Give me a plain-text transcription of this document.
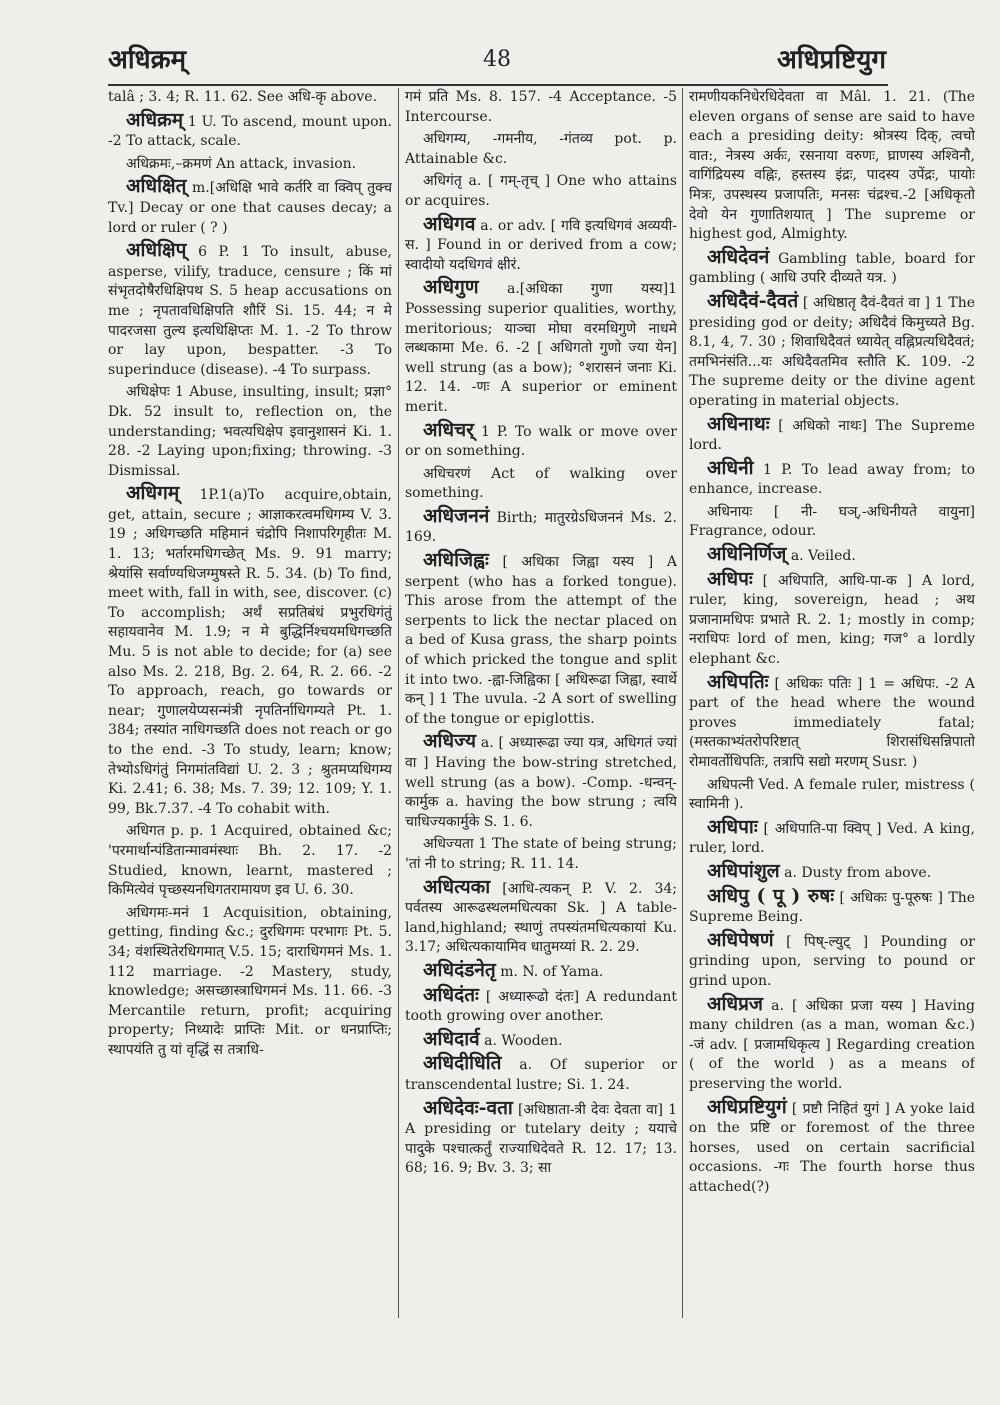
अधिक्रम्	48	अधिप्रष्टियुग

talâ ; 3. 4; R. 11. 62. See अधि-कृ above.

अधिक्रम् 1 U. To ascend, mount upon. -2 To attack, scale.

अधिक्रमः,–क्रमणं An attack, invasion.

अधिक्षित् m.[अधिक्षि भावे कर्तरि वा क्विप् तुक्च Tv.] Decay or one that causes decay; a lord or ruler ( ? )

अधिक्षिप् 6 P. 1 To insult, abuse, asperse, vilify, traduce, censure ; किं मां संभृतदोषैरधिक्षिपथ S. 5 heap accusations on me ; नृपतावधिक्षिपति शौरिं Si. 15. 44; न मे पादरजसा तुल्य इत्यधिक्षिप्तः M. 1. -2 To throw or lay upon, bespatter. -3 To superinduce (disease). -4 To surpass.

अधिक्षेपः 1 Abuse, insulting, insult; प्रज्ञा° Dk. 52 insult to, reflection on, the understanding; भवत्यधिक्षेप इवानुशासनं Ki. 1. 28. -2 Laying upon;fixing; throwing. -3 Dismissal.

अधिगम् 1P.1(a)To acquire,obtain, get, attain, secure ; आज्ञाकरत्वमधिगम्य V. 3. 19 ; अधिगच्छति महिमानं चंद्रोपि निशापरिगृहीतः M. 1. 13; भर्तारमधिगच्छेत् Ms. 9. 91 marry; श्रेयांसि सर्वाण्यधिजग्मुषस्ते R. 5. 34. (b) To find, meet with, fall in with, see, discover. (c) To accomplish; अर्थं सप्रतिबंधं प्रभुरधिगंतुं सहायवानेव M. 1.9; न मे बुद्धिर्निश्चयमधिगच्छति Mu. 5 is not able to decide; for (a) see also Ms. 2. 218, Bg. 2. 64, R. 2. 66. -2 To approach, reach, go towards or near; गुणालयेप्यसन्मंत्री नृपतिर्नाधिगम्यते Pt. 1. 384; तस्यांत नाधिगच्छति does not reach or go to the end. -3 To study, learn; know; तेभ्योऽधिगंतुं निगमांतविद्यां U. 2. 3 ; श्रुतमप्यधिगम्य Ki. 2.41; 6. 38; Ms. 7. 39; 12. 109; Y. 1. 99, Bk.7.37. -4 To cohabit with.

अधिगत p. p. 1 Acquired, obtained &c; 'परमार्थान्पंडितान्मावमंस्थाः Bh. 2. 17. -2 Studied, known, learnt, mastered ; किमित्येवं पृच्छस्यनधिगतरामायण इव U. 6. 30.

अधिगमः-मनं 1 Acquisition, obtaining, getting, finding &c.; दुरधिगमः परभागः Pt. 5. 34; वंशस्थितेरधिगमात् V.5. 15; दाराधिगमनं Ms. 1. 112 marriage. -2 Mastery, study, knowledge; असच्छास्त्राधिगमनं Ms. 11. 66. -3 Mercantile return, profit; acquiring property; निध्यादेः प्राप्तिः Mit. or धनप्राप्तिः; स्थापयंति तु यां वृद्धिं स तत्राधि-

गमं प्रति Ms. 8. 157. -4 Acceptance. -5 Intercourse.

अधिगम्य, -गमनीय, -गंतव्य pot. p. Attainable &c.

अधिगंतृ a. [ गम्-तृच् ] One who attains or acquires.

अधिगव a. or adv. [ गवि इत्यधिगवं अव्ययी-स. ] Found in or derived from a cow; स्वादीयो यदधिगवं क्षीरं.

अधिगुण a.[अधिका गुणा यस्य]1 Possessing superior qualities, worthy, meritorious; याञ्चा मोघा वरमधिगुणे नाधमे लब्धकामा Me. 6. -2 [ अधिगतो गुणो ज्या येन] well strung (as a bow); °शरासनं जनाः Ki. 12. 14. -णः A superior or eminent merit.

अधिचर् 1 P. To walk or move over or on something.

अधिचरणं Act of walking over something.

अधिजननं Birth; मातुरग्रेऽधिजननं Ms. 2. 169.

अधिजिह्वः [ अधिका जिह्वा यस्य ] A serpent (who has a forked tongue). This arose from the attempt of the serpents to lick the nectar placed on a bed of Kusa grass, the sharp points of which pricked the tongue and split it into two. -ह्वा-जिह्विका [ अधिरूढा जिह्वा, स्वार्थे कन् ] 1 The uvula. -2 A sort of swelling of the tongue or epiglottis.

अधिज्य a. [ अध्यारूढा ज्या यत्र, अधिगतं ज्यां वा ] Having the bow-string stretched, well strung (as a bow). -Comp. -धन्वन्-कार्मुक a. having the bow strung ; त्वयि चाधिज्यकार्मुके S. 1. 6.

अधिज्यता 1 The state of being strung; 'तां नी to string; R. 11. 14.

अधित्यका [आधि-त्यकन् P. V. 2. 34; पर्वतस्य आरूढस्थलमधित्यका Sk. ] A table-land,highland; स्थाणुं तपस्यंतमधित्यकायां Ku. 3.17; अधित्यकायामिव धातुमय्यां R. 2. 29.

अधिदंडनेतृ m. N. of Yama.

अधिदंतः [ अध्यारूढो दंतः] A redundant tooth growing over another.

अधिदार्व a. Wooden.

अधिदीधिति a. Of superior or transcendental lustre; Si. 1. 24.

अधिदेवः-वता [अधिष्ठाता-त्री देवः देवता वा] 1 A presiding or tutelary deity ; ययाचे पादुके पश्चात्कर्तुं राज्याधिदेवते R. 12. 17; 13. 68; 16. 9; Bv. 3. 3; सा

रामणीयकनिधेरधिदेवता वा Mâl. 1. 21. (The eleven organs of sense are said to have each a presiding deity: श्रोत्रस्य दिक्, त्वचो वात:, नेत्रस्य अर्कः, रसनाया वरुणः, घ्राणस्य अश्विनौ, वागिंद्रियस्य वह्निः, हस्तस्य इंद्रः, पादस्य उपेंद्रः, पायोः मित्रः, उपस्थस्य प्रजापतिः, मनसः चंद्रश्च.-2 [अधिकृतो देवो येन गुणातिशयात् ] The supreme or highest god, Almighty.

अधिदेवनं Gambling table, board for gambling ( आधि उपरि दीव्यते यत्र. )

अधिदैवं-दैवतं [ अधिष्ठातृ दैवं-दैवतं वा ] 1 The presiding god or deity; अधिदैवं किमुच्यते Bg. 8.1, 4, 7. 30 ; शिवाधिदैवतं ध्यायेत् वह्निप्रत्यधिदैवतं; तमभिनंसंति...यः अधिदैवतमिव स्तौति K. 109. -2 The supreme deity or the divine agent operating in material objects.

अधिनाथः [ अधिको नाथः] The Supreme lord.

अधिनी 1 P. To lead away from; to enhance, increase.

अधिनायः [ नी- घञ्,-अधिनीयते वायुना] Fragrance, odour.

अधिनिर्णिज् a. Veiled.

अधिपः [ अधिपाति, आधि-पा-क ] A lord, ruler, king, sovereign, head ; अथ प्रजानामधिपः प्रभाते R. 2. 1; mostly in comp; नराधिपः lord of men, king; गज° a lordly elephant &c.

अधिपतिः [ अधिकः पतिः ] 1 = अधिपः. -2 A part of the head where the wound proves immediately fatal; (मस्तकाभ्यंतरोपरिष्टात् शिरासंधिसन्निपातो रोमावर्तोधिपतिः, तत्रापि सद्यो मरणम् Susr. )

अधिपत्नी Ved. A female ruler, mistress ( स्वामिनी ).

अधिपाः [ अधिपाति-पा क्विप् ] Ved. A king, ruler, lord.

अधिपांशुल a. Dusty from above.

अधिपु ( पू ) रुषः [ अधिकः पु-पूरुषः ] The Supreme Being.

अधिपेषणं [ पिष्-ल्युट् ] Pounding or grinding upon, serving to pound or grind upon.

अधिप्रज a. [ अधिका प्रजा यस्य ] Having many children (as a man, woman &c.) -जं adv. [ प्रजामधिकृत्य ] Regarding creation ( of the world ) as a means of preserving the world.

अधिप्रष्टियुगं [ प्रष्टौ निहितं युगं ] A yoke laid on the प्रष्टि or foremost of the three horses, used on certain sacrificial occasions. -गः The fourth horse thus attached(?)
